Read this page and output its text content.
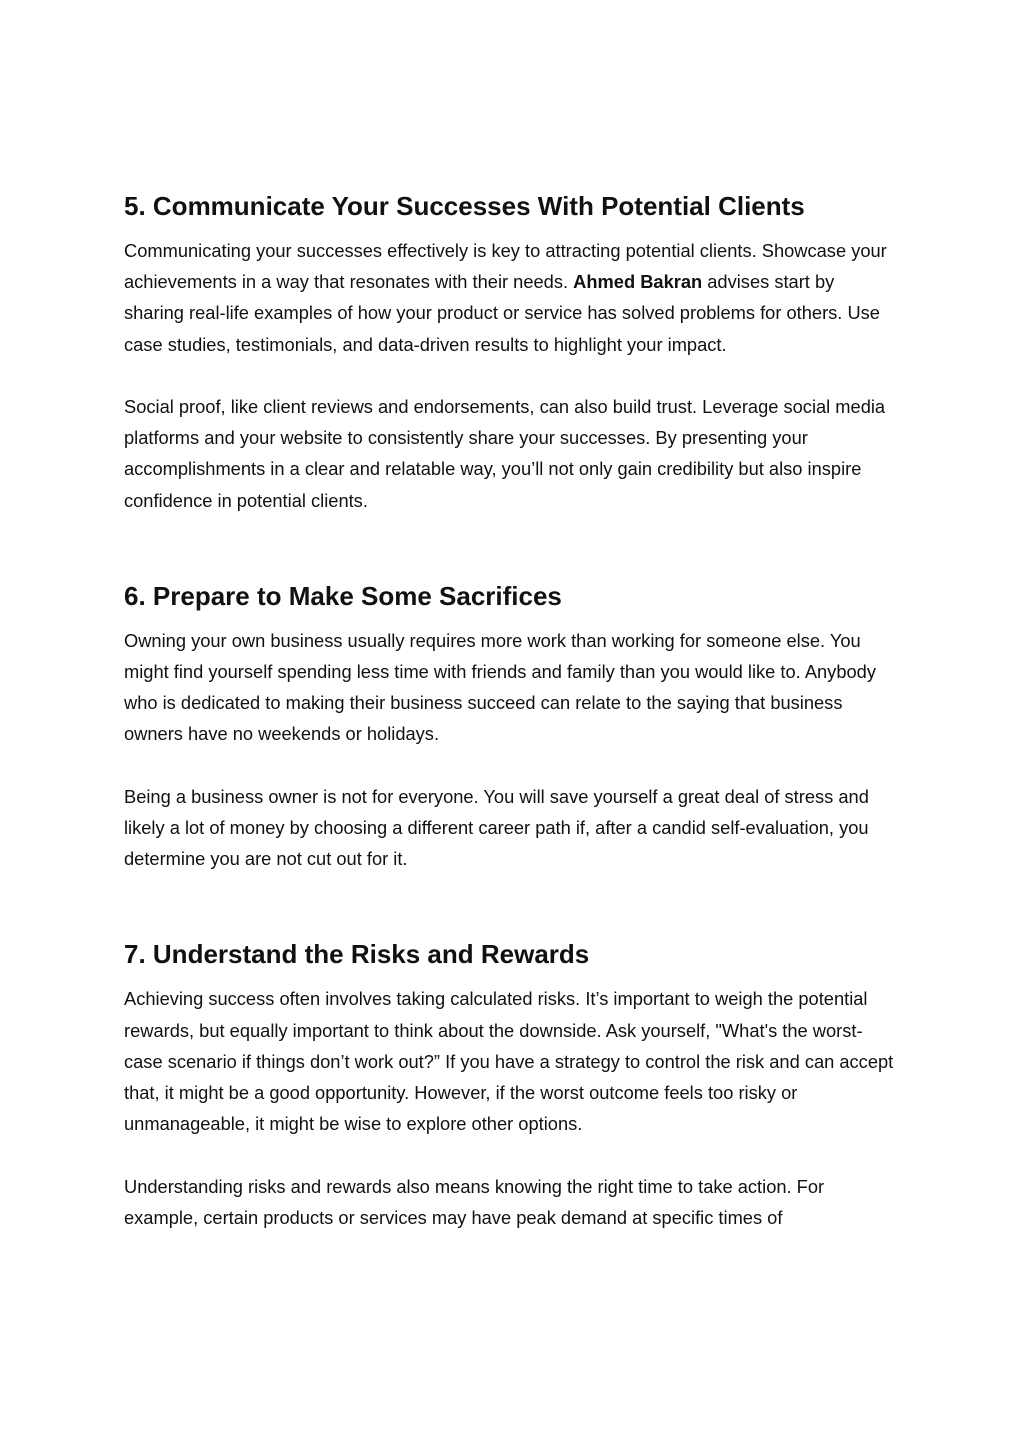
5. Communicate Your Successes With Potential Clients

Communicating your successes effectively is key to attracting potential clients. Showcase your achievements in a way that resonates with their needs. Ahmed Bakran advises start by sharing real-life examples of how your product or service has solved problems for others. Use case studies, testimonials, and data-driven results to highlight your impact.

Social proof, like client reviews and endorsements, can also build trust. Leverage social media platforms and your website to consistently share your successes. By presenting your accomplishments in a clear and relatable way, you’ll not only gain credibility but also inspire confidence in potential clients.

6. Prepare to Make Some Sacrifices

Owning your own business usually requires more work than working for someone else. You might find yourself spending less time with friends and family than you would like to. Anybody who is dedicated to making their business succeed can relate to the saying that business owners have no weekends or holidays.

Being a business owner is not for everyone. You will save yourself a great deal of stress and likely a lot of money by choosing a different career path if, after a candid self-evaluation, you determine you are not cut out for it.

7. Understand the Risks and Rewards

Achieving success often involves taking calculated risks. It’s important to weigh the potential rewards, but equally important to think about the downside. Ask yourself, "What's the worst-case scenario if things don’t work out?” If you have a strategy to control the risk and can accept that, it might be a good opportunity. However, if the worst outcome feels too risky or unmanageable, it might be wise to explore other options.

Understanding risks and rewards also means knowing the right time to take action. For example, certain products or services may have peak demand at specific times of
